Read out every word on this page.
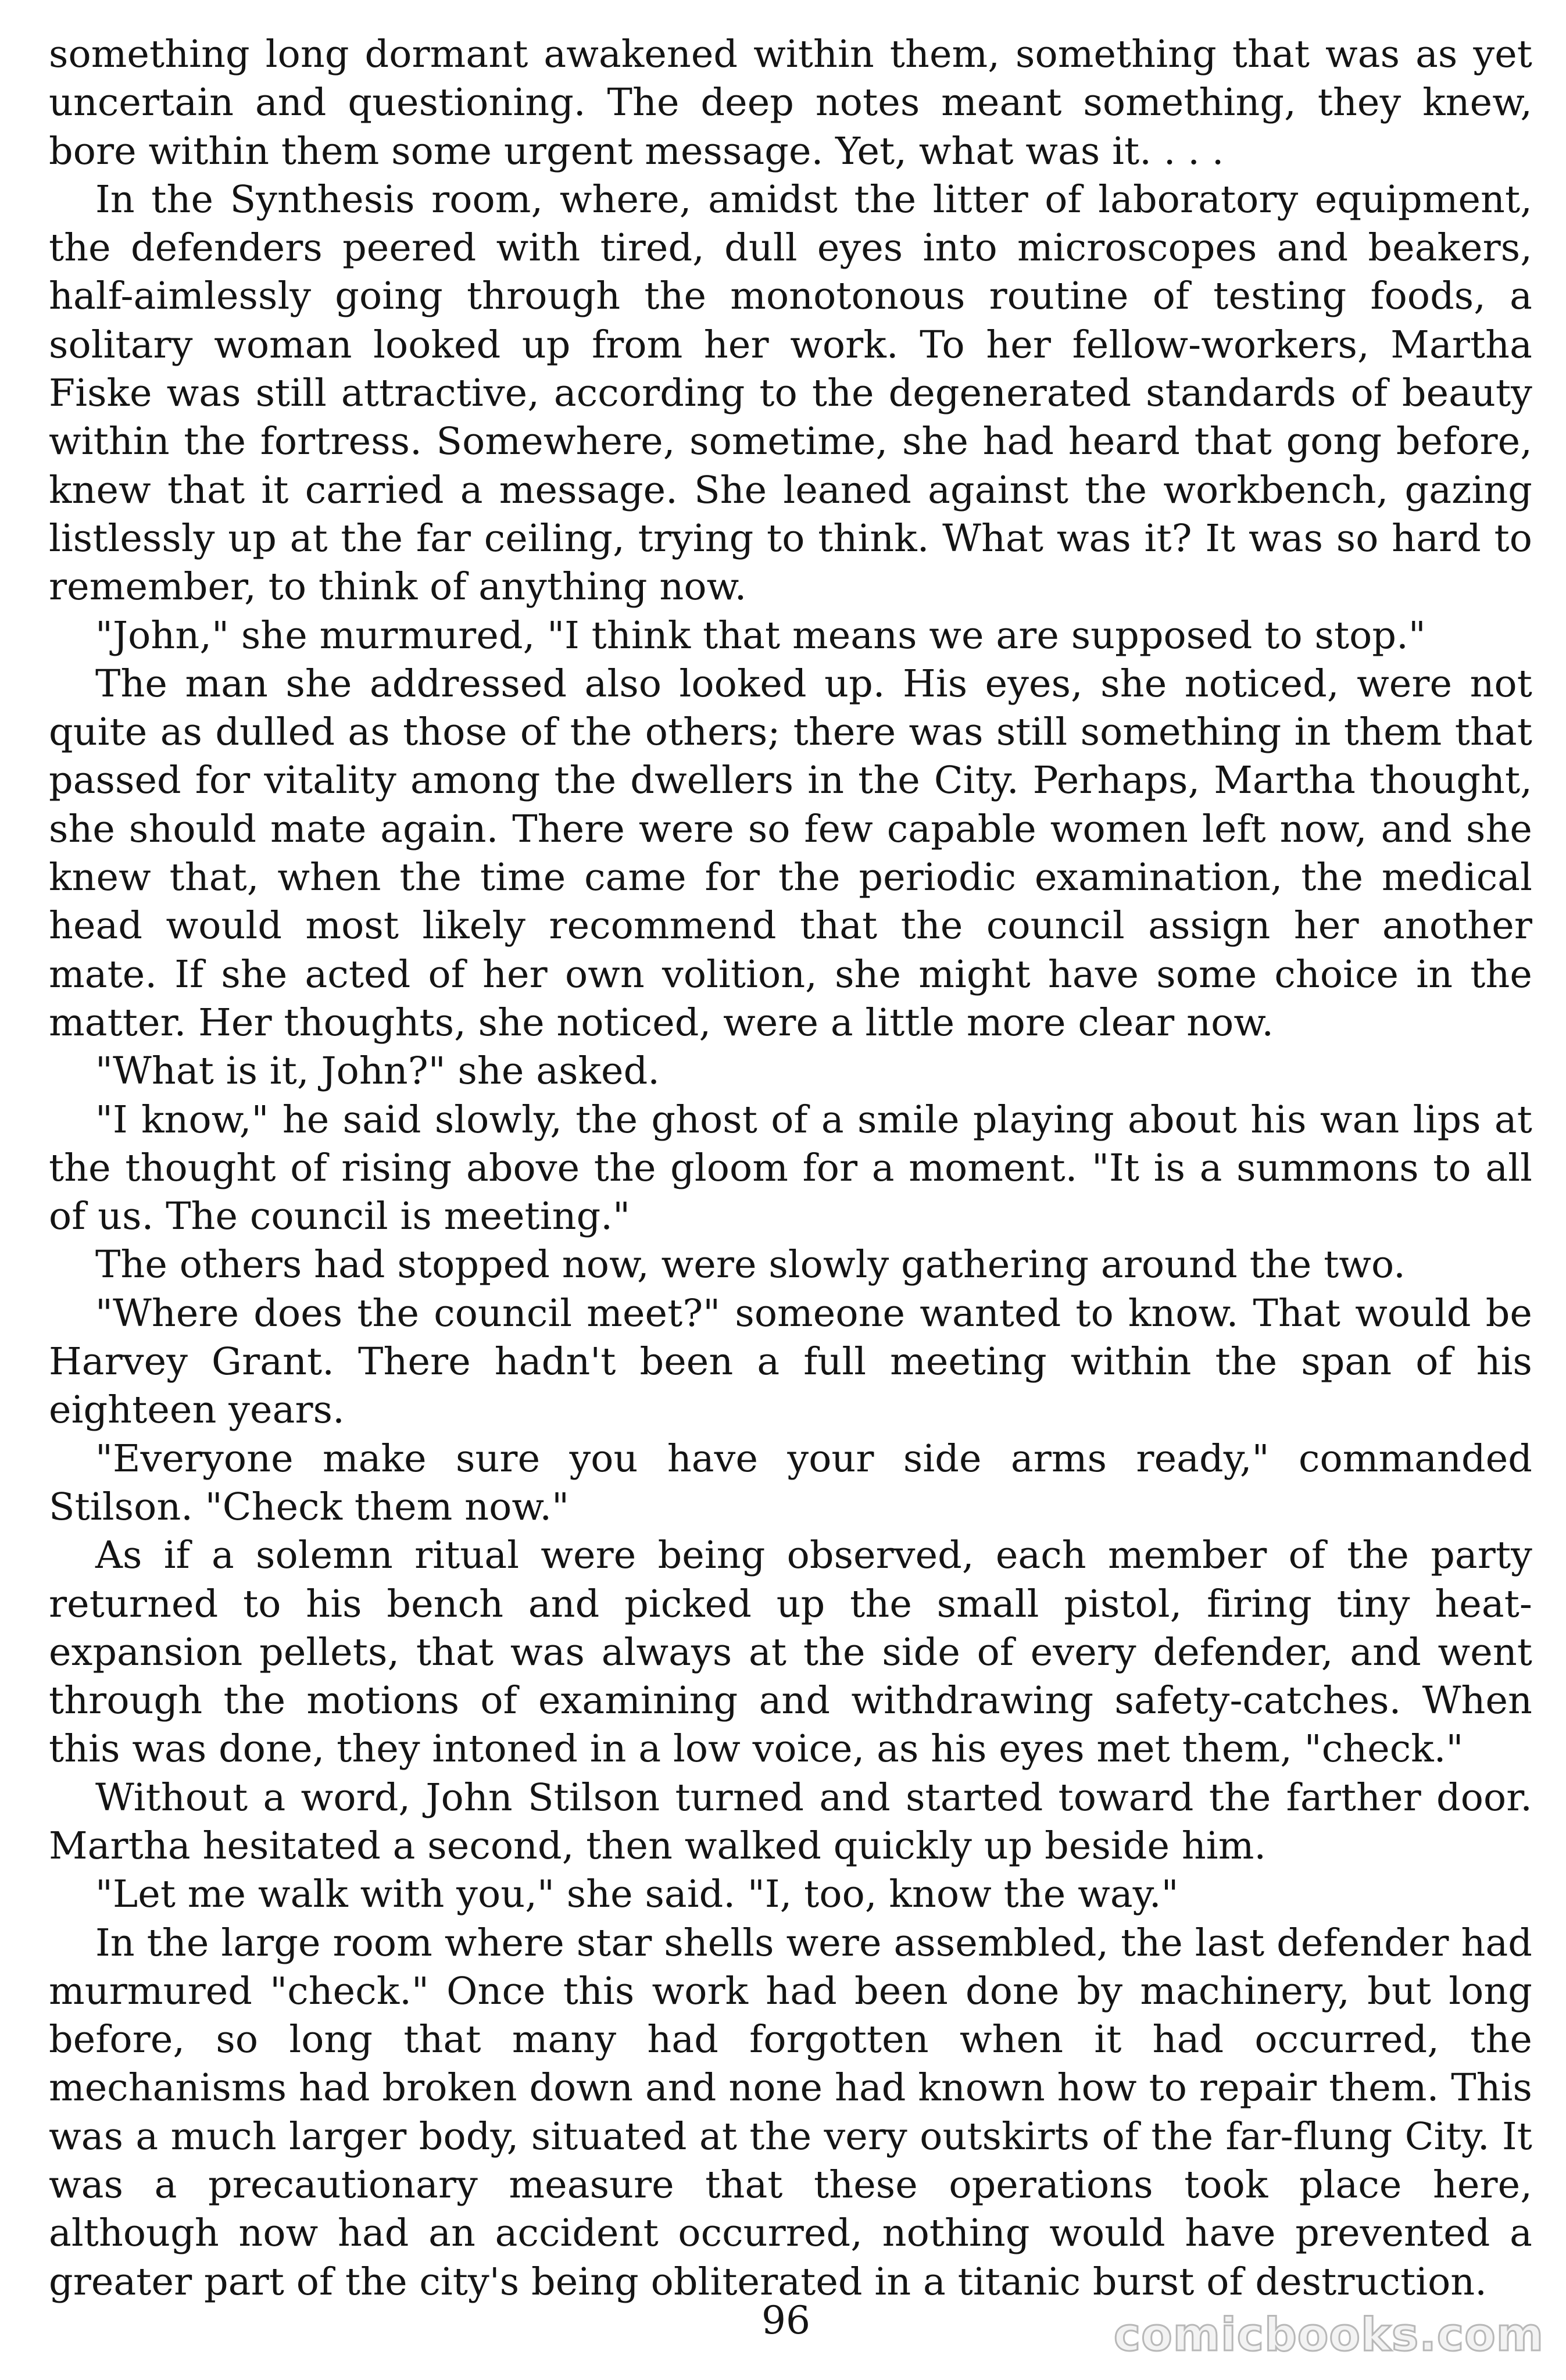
something long dormant awakened within them, something that was as yet uncertain and questioning. The deep notes meant something, they knew, bore within them some urgent message. Yet, what was it. . . .

In the Synthesis room, where, amidst the litter of laboratory equipment, the defenders peered with tired, dull eyes into microscopes and beakers, half-aimlessly going through the monotonous routine of testing foods, a solitary woman looked up from her work. To her fellow-workers, Martha Fiske was still attractive, according to the degenerated standards of beauty within the fortress. Somewhere, sometime, she had heard that gong before, knew that it carried a message. She leaned against the workbench, gazing listlessly up at the far ceiling, trying to think. What was it? It was so hard to remember, to think of anything now.

"John," she murmured, "I think that means we are supposed to stop."

The man she addressed also looked up. His eyes, she noticed, were not quite as dulled as those of the others; there was still something in them that passed for vitality among the dwellers in the City. Perhaps, Martha thought, she should mate again. There were so few capable women left now, and she knew that, when the time came for the periodic examination, the medical head would most likely recommend that the council assign her another mate. If she acted of her own volition, she might have some choice in the matter. Her thoughts, she noticed, were a little more clear now.

"What is it, John?" she asked.

"I know," he said slowly, the ghost of a smile playing about his wan lips at the thought of rising above the gloom for a moment. "It is a summons to all of us. The council is meeting."

The others had stopped now, were slowly gathering around the two.

"Where does the council meet?" someone wanted to know. That would be Harvey Grant. There hadn't been a full meeting within the span of his eighteen years.

"Everyone make sure you have your side arms ready," commanded Stilson. "Check them now."

As if a solemn ritual were being observed, each member of the party returned to his bench and picked up the small pistol, firing tiny heat-expansion pellets, that was always at the side of every defender, and went through the motions of examining and withdrawing safety-catches. When this was done, they intoned in a low voice, as his eyes met them, "check."

Without a word, John Stilson turned and started toward the farther door. Martha hesitated a second, then walked quickly up beside him.

"Let me walk with you," she said. "I, too, know the way."

In the large room where star shells were assembled, the last defender had murmured "check." Once this work had been done by machinery, but long before, so long that many had forgotten when it had occurred, the mechanisms had broken down and none had known how to repair them. This was a much larger body, situated at the very outskirts of the far-flung City. It was a precautionary measure that these operations took place here, although now had an accident occurred, nothing would have prevented a greater part of the city's being obliterated in a titanic burst of destruction.

96	comicbooks.com
